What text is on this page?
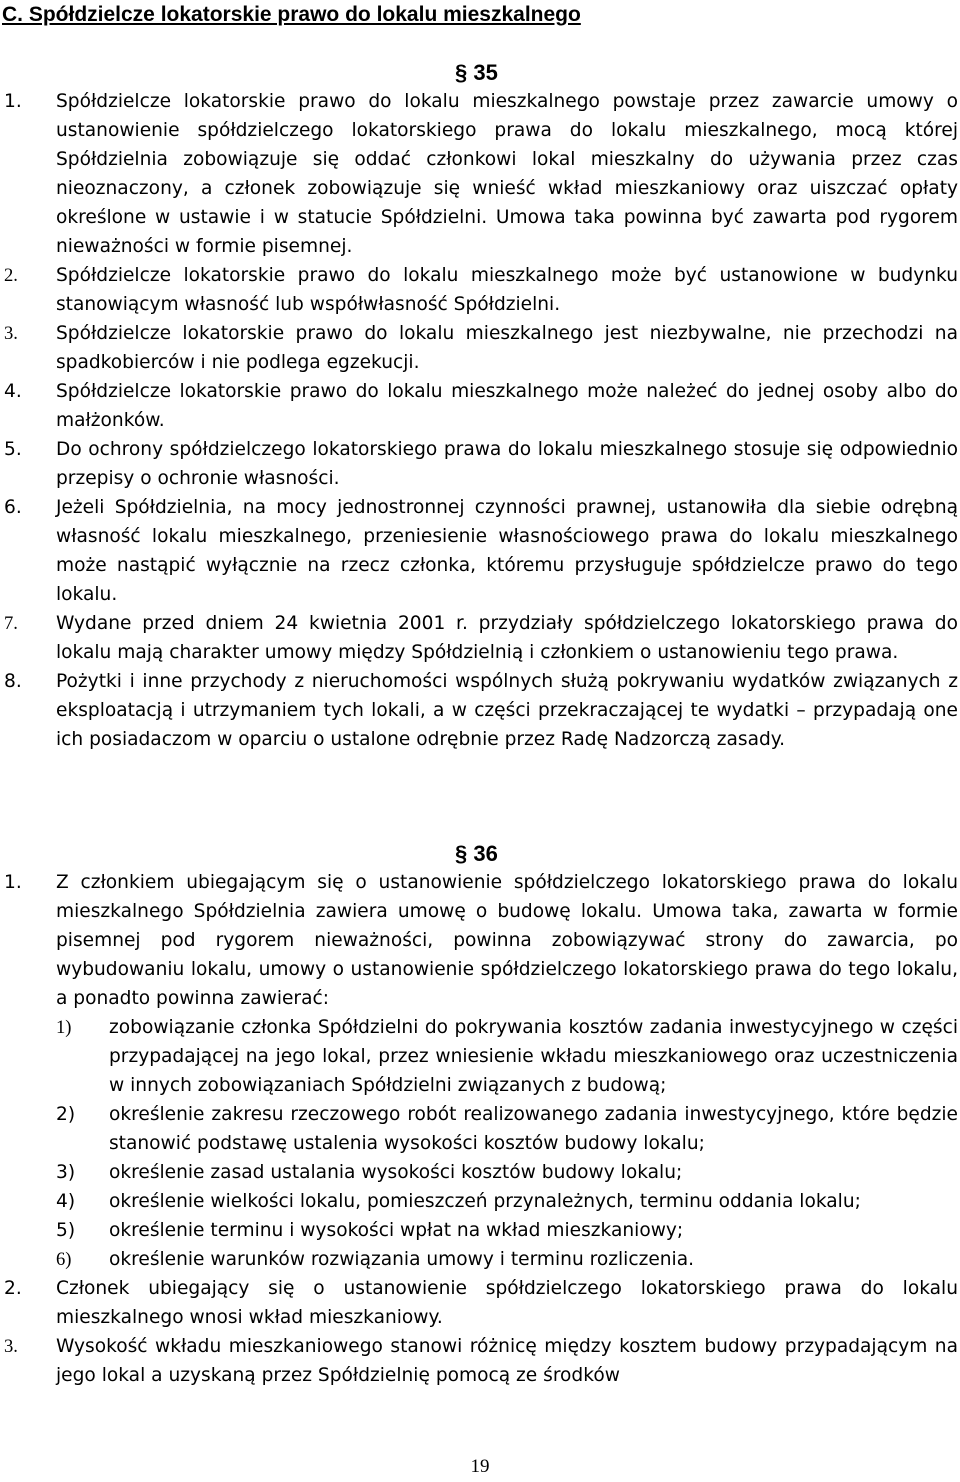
C. Spółdzielcze lokatorskie prawo do lokalu mieszkalnego
§ 35
1. Spółdzielcze lokatorskie prawo do lokalu mieszkalnego powstaje przez zawarcie umowy o ustanowienie spółdzielczego lokatorskiego prawa do lokalu mieszkalnego, mocą której Spółdzielnia zobowiązuje się oddać członkowi lokal mieszkalny do używania przez czas nieoznaczony, a członek zobowiązuje się wnieść wkład mieszkaniowy oraz uiszczać opłaty określone w ustawie i w statucie Spółdzielni. Umowa taka powinna być zawarta pod rygorem nieważności w formie pisemnej.
2. Spółdzielcze lokatorskie prawo do lokalu mieszkalnego może być ustanowione w budynku stanowiącym własność lub współwłasność Spółdzielni.
3. Spółdzielcze lokatorskie prawo do lokalu mieszkalnego jest niezbywalne, nie przechodzi na spadkobierców i nie podlega egzekucji.
4. Spółdzielcze lokatorskie prawo do lokalu mieszkalnego może należeć do jednej osoby albo do małżonków.
5. Do ochrony spółdzielczego lokatorskiego prawa do lokalu mieszkalnego stosuje się odpowiednio przepisy o ochronie własności.
6. Jeżeli Spółdzielnia, na mocy jednostronnej czynności prawnej, ustanowiła dla siebie odrębną własność lokalu mieszkalnego, przeniesienie własnościowego prawa do lokalu mieszkalnego może nastąpić wyłącznie na rzecz członka, któremu przysługuje spółdzielcze prawo do tego lokalu.
7. Wydane przed dniem 24 kwietnia 2001 r. przydziały spółdzielczego lokatorskiego prawa do lokalu mają charakter umowy między Spółdzielnią i członkiem o ustanowieniu tego prawa.
8. Pożytki i inne przychody z nieruchomości wspólnych służą pokrywaniu wydatków związanych z eksploatacją i utrzymaniem tych lokali, a w części przekraczającej te wydatki – przypadają one ich posiadaczom w oparciu o ustalone odrębnie przez Radę Nadzorczą zasady.
§ 36
1. Z członkiem ubiegającym się o ustanowienie spółdzielczego lokatorskiego prawa do lokalu mieszkalnego Spółdzielnia zawiera umowę o budowę lokalu. Umowa taka, zawarta w formie pisemnej pod rygorem nieważności, powinna zobowiązywać strony do zawarcia, po wybudowaniu lokalu, umowy o ustanowienie spółdzielczego lokatorskiego prawa do tego lokalu, a ponadto powinna zawierać:
1) zobowiązanie członka Spółdzielni do pokrywania kosztów zadania inwestycyjnego w części przypadającej na jego lokal, przez wniesienie wkładu mieszkaniowego oraz uczestniczenia w innych zobowiązaniach Spółdzielni związanych z budową;
2) określenie zakresu rzeczowego robót realizowanego zadania inwestycyjnego, które będzie stanowić podstawę ustalenia wysokości kosztów budowy lokalu;
3) określenie zasad ustalania wysokości kosztów budowy lokalu;
4) określenie wielkości lokalu, pomieszczeń przynależnych, terminu oddania lokalu;
5) określenie terminu i wysokości wpłat na wkład mieszkaniowy;
6) określenie warunków rozwiązania umowy i terminu rozliczenia.
2. Członek ubiegający się o ustanowienie spółdzielczego lokatorskiego prawa do lokalu mieszkalnego wnosi wkład mieszkaniowy.
3. Wysokość wkładu mieszkaniowego stanowi różnicę między kosztem budowy przypadającym na jego lokal a uzyskaną przez Spółdzielnię pomocą ze środków
19
